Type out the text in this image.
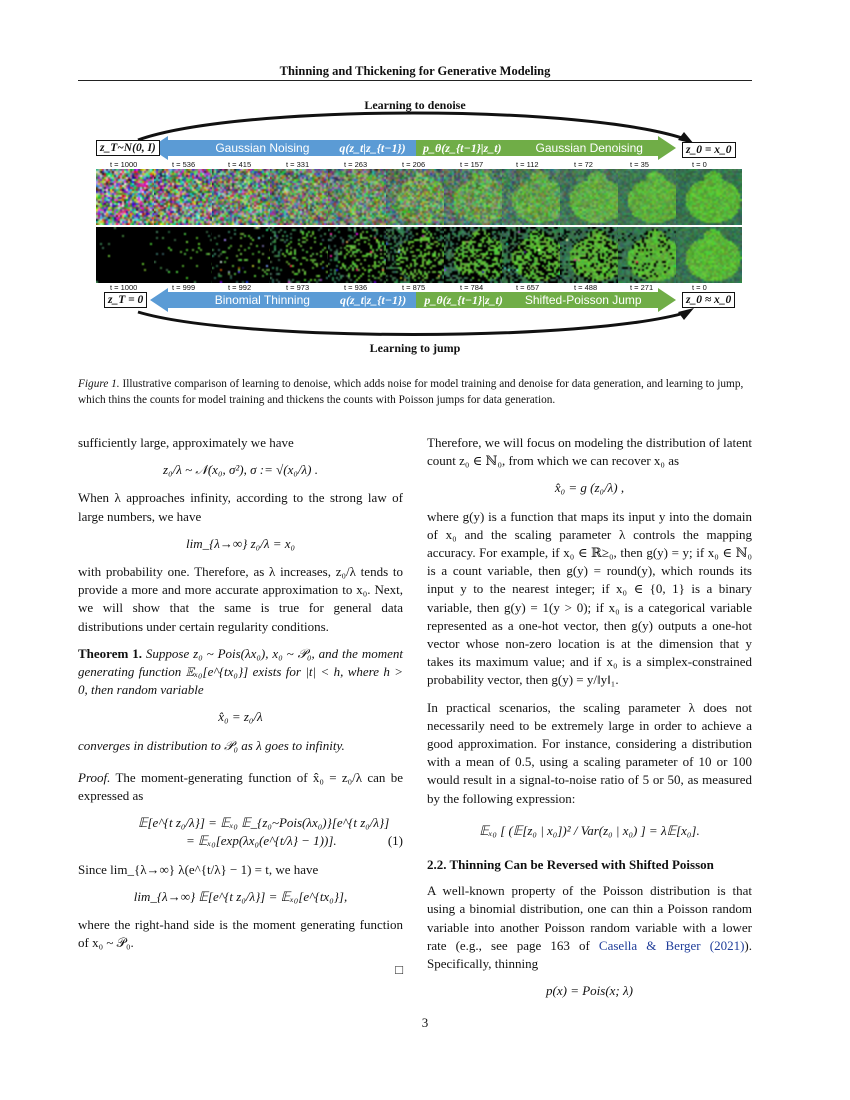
Thinning and Thickening for Generative Modeling
Learning to denoise
Learning to jump
Gaussian Noising	q(z_t|z_{t−1}) p_θ(z_{t−1}|z_t)	Gaussian Denoising
z_T~N(0, I)	z_0 = x_0
t = 1000	t = 536	t = 415	t = 331	t = 263	t = 206	t = 157	t = 112	t = 72	t = 35	t = 0
t = 1000	t = 999	t = 992	t = 973	t = 936	t = 875	t = 784	t = 657	t = 488	t = 271	t = 0
Binomial Thinning	q(z_t|z_{t−1}) p_θ(z_{t−1}|z_t) Shifted-Poisson Jump
z_T = 0	z_0 ≈ x_0
Figure 1. Illustrative comparison of learning to denoise, which adds noise for model training and denoise for data generation, and learning to jump, which thins the counts for model training and thickens the counts with Poisson jumps for data generation.

sufficiently large, approximately we have

z₀/λ ~ 𝒩(x₀, σ²), σ := √(x₀/λ) .

When λ approaches infinity, according to the strong law of large numbers, we have

lim_{λ→∞} z₀/λ = x₀

with probability one. Therefore, as λ increases, z₀/λ tends to provide a more and more accurate approximation to x₀. Next, we will show that the same is true for general data distributions under certain regularity conditions.

Theorem 1. Suppose z₀ ~ Pois(λx₀), x₀ ~ 𝒫₀, and the moment generating function 𝔼ₓ₀[e^{tx₀}] exists for |t| < h, where h > 0, then random variable

x̂₀ = z₀/λ

converges in distribution to 𝒫₀ as λ goes to infinity.

Proof. The moment-generating function of x̂₀ = z₀/λ can be expressed as

𝔼[e^{t z₀/λ}] = 𝔼ₓ₀ 𝔼_{z₀~Pois(λx₀)}[e^{t z₀/λ}]
= 𝔼ₓ₀[exp(λx₀(e^{t/λ} − 1))].	(1)

Since lim_{λ→∞} λ(e^{t/λ} − 1) = t, we have

lim_{λ→∞} 𝔼[e^{t z₀/λ}] = 𝔼ₓ₀[e^{tx₀}],

where the right-hand side is the moment generating function of x₀ ~ 𝒫₀.

□

Therefore, we will focus on modeling the distribution of latent count z₀ ∈ ℕ₀, from which we can recover x₀ as

x̂₀ = g (z₀/λ) ,

where g(y) is a function that maps its input y into the domain of x₀ and the scaling parameter λ controls the mapping accuracy. For example, if x₀ ∈ ℝ≥₀, then g(y) = y; if x₀ ∈ ℕ₀ is a count variable, then g(y) = round(y), which rounds its input y to the nearest integer; if x₀ ∈ {0, 1} is a binary variable, then g(y) = 1(y > 0); if x₀ is a categorical variable represented as a one-hot vector, then g(y) outputs a one-hot vector whose non-zero location is at the dimension that y takes its maximum value; and if x₀ is a simplex-constrained probability vector, then g(y) = y/‖y‖₁.

In practical scenarios, the scaling parameter λ does not necessarily need to be extremely large in order to achieve a good approximation. For instance, considering a distribution with a mean of 0.5, using a scaling parameter of 10 or 100 would result in a signal-to-noise ratio of 5 or 50, as measured by the following expression:

𝔼ₓ₀ [ (𝔼[z₀ | x₀])² / Var(z₀ | x₀) ] = λ𝔼[x₀].
2.2. Thinning Can be Reversed with Shifted Poisson

A well-known property of the Poisson distribution is that using a binomial distribution, one can thin a Poisson random variable into another Poisson random variable with a lower rate (e.g., see page 163 of Casella & Berger (2021)). Specifically, thinning

p(x) = Pois(x; λ)
3
